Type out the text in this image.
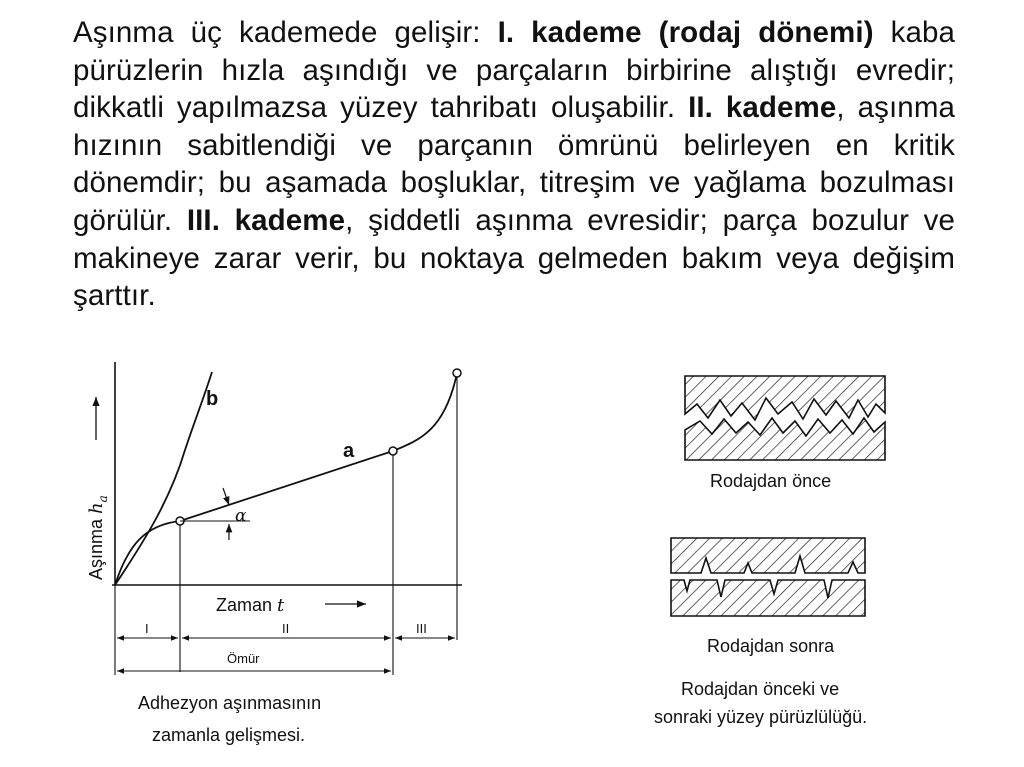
Aşınma üç kademede gelişir: I. kademe (rodaj dönemi) kaba pürüzlerin hızla aşındığı ve parçaların birbirine alıştığı evredir; dikkatli yapılmazsa yüzey tahribatı oluşabilir. II. kademe, aşınma hızının sabitlendiği ve parçanın ömrünü belirleyen en kritik dönemdir; bu aşamada boşluklar, titreşim ve yağlama bozulması görülür. III. kademe, şiddetli aşınma evresidir; parça bozulur ve makineye zarar verir, bu noktaya gelmeden bakım veya değişim şarttır.
α
a
b
Aşınma $h_a$
Zaman t
I	II	III
Ömür
Adhezyon aşınmasının
zamanla gelişmesi.
Rodajdan önce
Rodajdan sonra
Rodajdan önceki ve
sonraki yüzey pürüzlülüğü.
